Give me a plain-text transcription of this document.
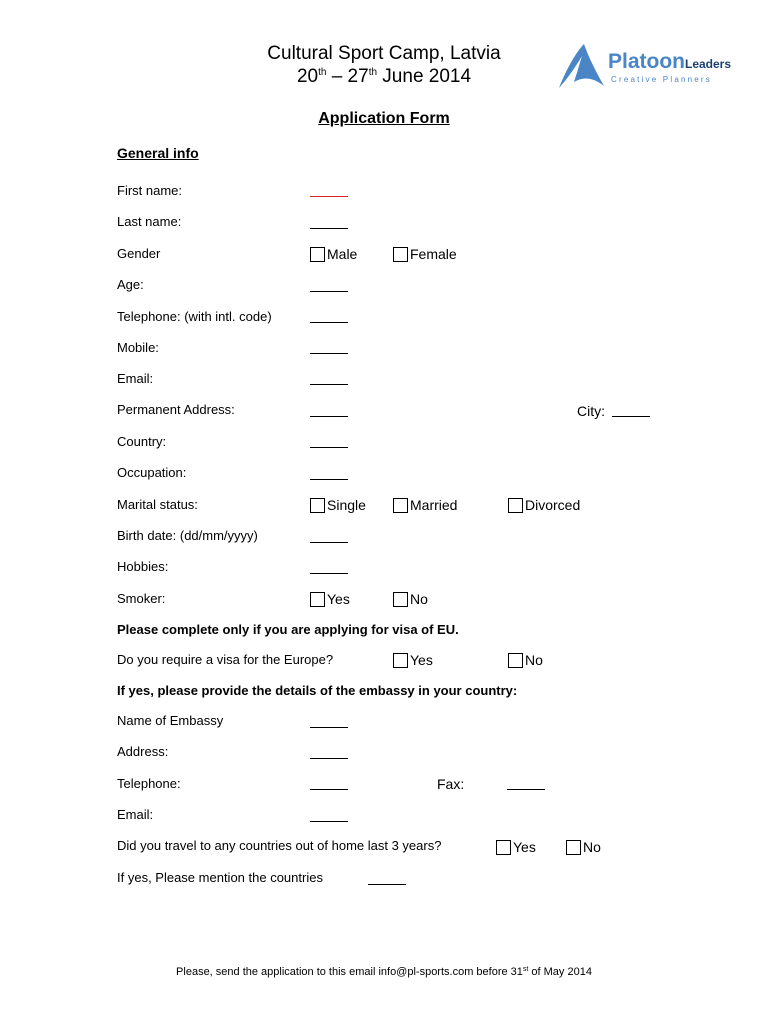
Cultural Sport Camp, Latvia
20th – 27th June 2014
PlatoonLeaders
Creative Planners
Application Form
General info
First name:
Last name:
Gender	Male	Female
Age:
Telephone: (with intl. code)
Mobile:
Email:
Permanent Address:	City:
Country:
Occupation:
Marital status:	Single	Married	Divorced
Birth date: (dd/mm/yyyy)
Hobbies:
Smoker:	Yes	No
Please complete only if you are applying for visa of EU.
Do you require a visa for the Europe?	Yes	No
If yes, please provide the details of the embassy in your country:
Name of Embassy
Address:
Telephone:	Fax:
Email:
Did you travel to any countries out of home last 3 years?	Yes	No
If yes, Please mention the countries
Please, send the application to this email info@pl-sports.com before 31st of May 2014
